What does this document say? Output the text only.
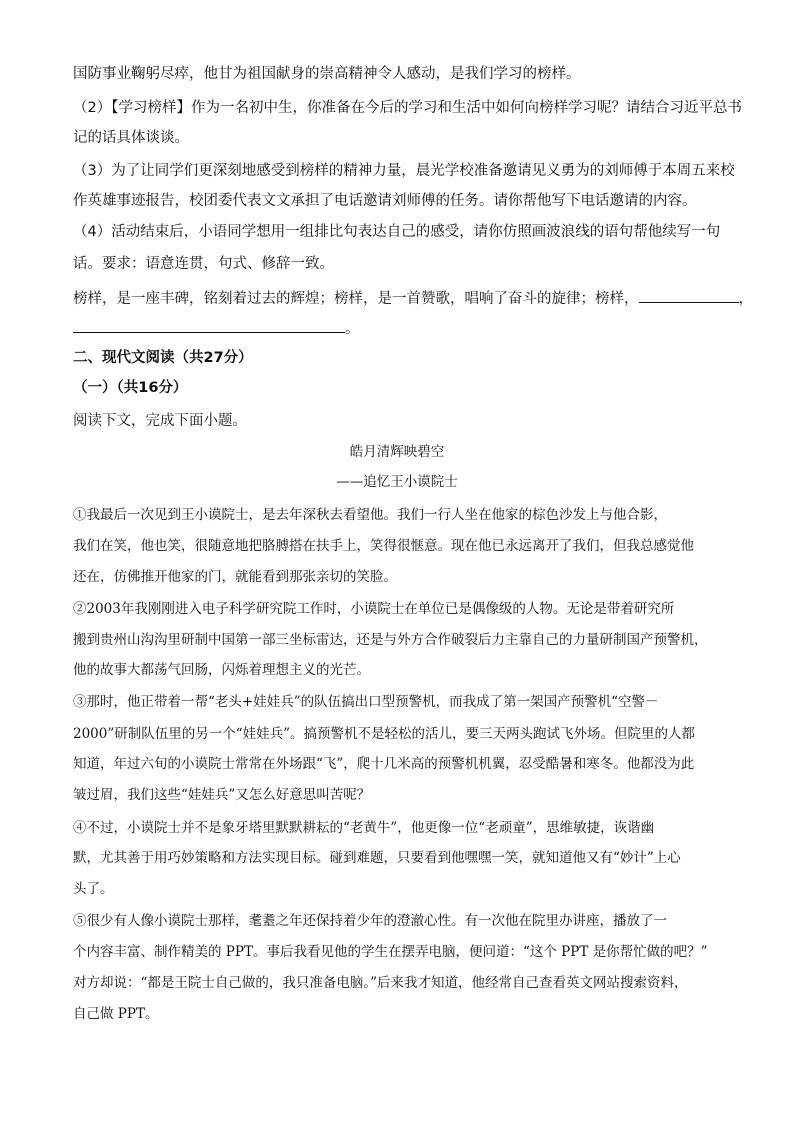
国防事业鞠躬尽瘁，他甘为祖国献身的崇高精神令人感动，是我们学习的榜样。
（2）【学习榜样】作为一名初中生，你准备在今后的学习和生活中如何向榜样学习呢？请结合习近平总书
记的话具体谈谈。
（3）为了让同学们更深刻地感受到榜样的精神力量，晨光学校准备邀请见义勇为的刘师傅于本周五来校
作英雄事迹报告，校团委代表文文承担了电话邀请刘师傅的任务。请你帮他写下电话邀请的内容。
（4）活动结束后，小语同学想用一组排比句表达自己的感受，请你仿照画波浪线的语句帮他续写一句
话。要求：语意连贯，句式、修辞一致。
榜样，是一座丰碑，铭刻着过去的辉煌；榜样，是一首赞歌，唱响了奋斗的旋律；榜样，	，
。
二、现代文阅读（共27分）
（一）（共16分）
阅读下文，完成下面小题。
皓月清辉映碧空
——追忆王小谟院士
①我最后一次见到王小谟院士，是去年深秋去看望他。我们一行人坐在他家的棕色沙发上与他合影，
我们在笑，他也笑，很随意地把胳膊搭在扶手上，笑得很惬意。现在他已永远离开了我们，但我总感觉他
还在，仿佛推开他家的门，就能看到那张亲切的笑脸。
②2003年我刚刚进入电子科学研究院工作时，小谟院士在单位已是偶像级的人物。无论是带着研究所
搬到贵州山沟沟里研制中国第一部三坐标雷达，还是与外方合作破裂后力主靠自己的力量研制国产预警机，
他的故事大都荡气回肠，闪烁着理想主义的光芒。
③那时，他正带着一帮“老头+娃娃兵”的队伍搞出口型预警机，而我成了第一架国产预警机“空警－
2000”研制队伍里的另一个“娃娃兵”。搞预警机不是轻松的活儿，要三天两头跑试飞外场。但院里的人都
知道，年过六旬的小谟院士常常在外场跟“飞”，爬十几米高的预警机机翼，忍受酷暑和寒冬。他都没为此
皱过眉，我们这些“娃娃兵”又怎么好意思叫苦呢？
④不过，小谟院士并不是象牙塔里默默耕耘的“老黄牛”，他更像一位“老顽童”，思维敏捷，诙谐幽
默，尤其善于用巧妙策略和方法实现目标。碰到难题，只要看到他嘿嘿一笑，就知道他又有“妙计”上心
头了。
⑤很少有人像小谟院士那样，耄耋之年还保持着少年的澄澈心性。有一次他在院里办讲座，播放了一
个内容丰富、制作精美的 PPT。事后我看见他的学生在摆弄电脑，便问道：“这个 PPT 是你帮忙做的吧？”
对方却说：“都是王院士自己做的，我只准备电脑。”后来我才知道，他经常自己查看英文网站搜索资料，
自己做 PPT。
